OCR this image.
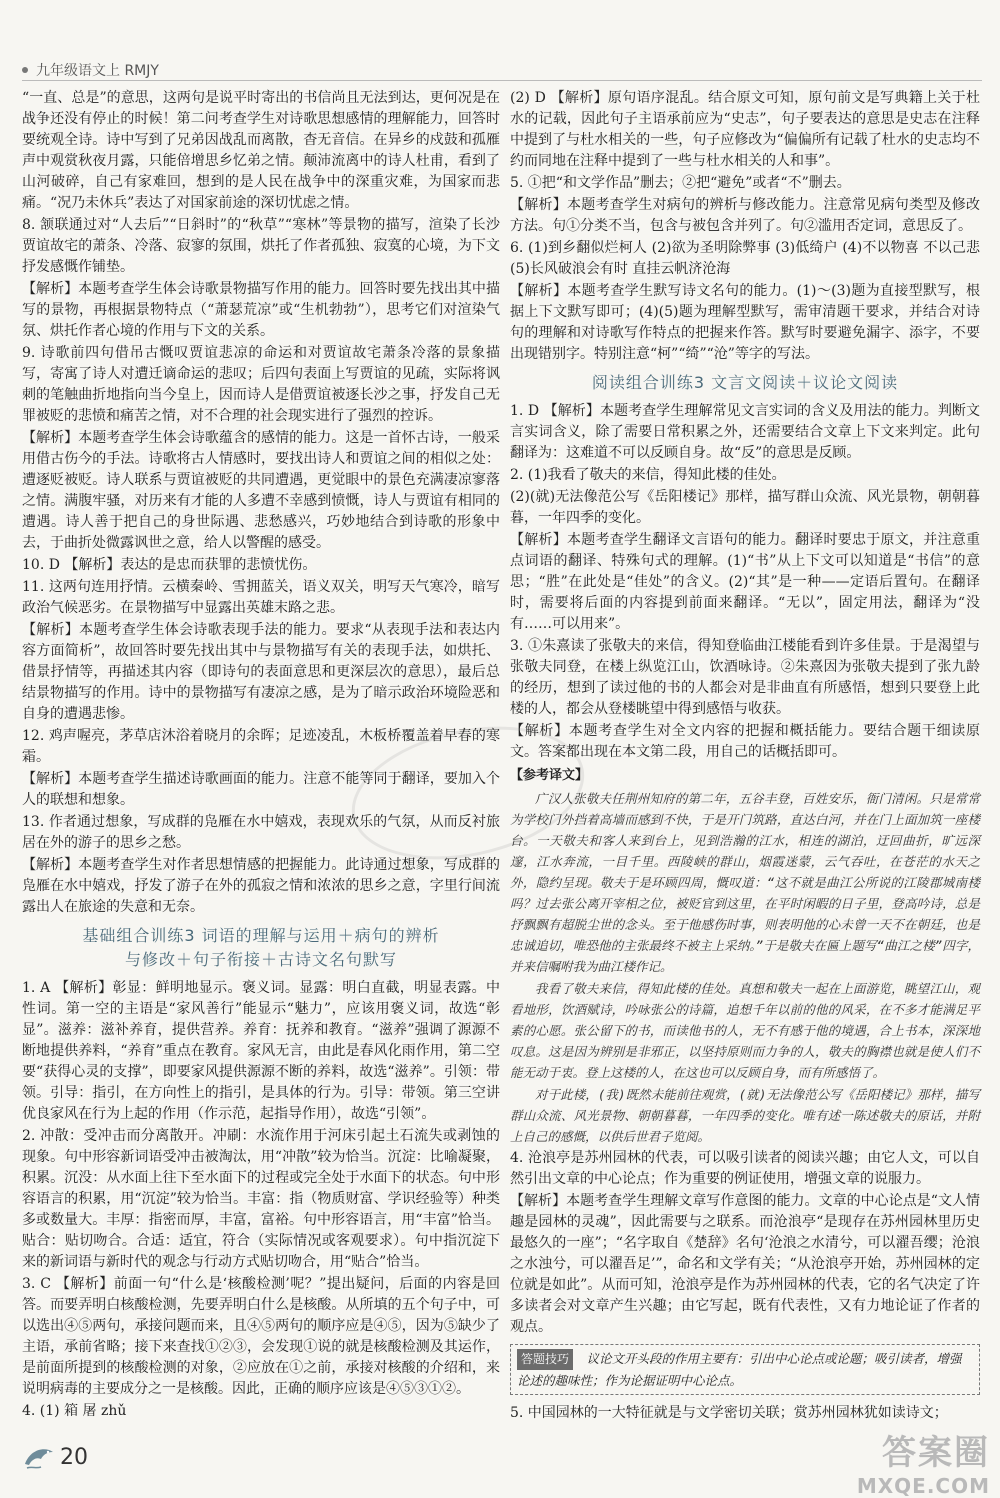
九年级语文上 RMJY

“一直、总是”的意思，这两句是说平时寄出的书信尚且无法到达，更何况是在战争还没有停止的时候！第二问考查学生对诗歌思想感情的理解能力，回答时要统观全诗。诗中写到了兄弟因战乱而离散，杳无音信。在异乡的戍鼓和孤雁声中观赏秋夜月露，只能倍增思乡忆弟之情。颠沛流离中的诗人杜甫，看到了山河破碎，自己有家难回，想到的是人民在战争中的深重灾难，为国家而悲痛。“况乃未休兵”表达了对国家前途的深切忧虑之情。

8. 颔联通过对“人去后”“日斜时”的“秋草”“寒林”等景物的描写，渲染了长沙贾谊故宅的萧条、冷落、寂寥的氛围，烘托了作者孤独、寂寞的心境，为下文抒发感慨作铺垫。

【解析】本题考查学生体会诗歌景物描写作用的能力。回答时要先找出其中描写的景物，再根据景物特点（“萧瑟荒凉”或“生机勃勃”），思考它们对渲染气氛、烘托作者心境的作用与下文的关系。

9. 诗歌前四句借吊古慨叹贾谊悲凉的命运和对贾谊故宅萧条冷落的景象描写，寄寓了诗人对遭迁谪命运的悲叹；后四句表面上写贾谊的见疏，实际将讽刺的笔触曲折地指向当今皇上，因而诗人是借贾谊被逐长沙之事，抒发自己无罪被贬的悲愤和痛苦之情，对不合理的社会现实进行了强烈的控诉。

【解析】本题考查学生体会诗歌蕴含的感情的能力。这是一首怀古诗，一般采用借古伤今的手法。诗歌将古人情感时，要找出诗人和贾谊之间的相似之处：遭逐贬被贬。诗人联系与贾谊被贬的共同遭遇，更觉眼中的景色充满凄凉寥落之情。满腹牢骚，对历来有才能的人多遭不幸感到愤慨，诗人与贾谊有相同的遭遇。诗人善于把自己的身世际遇、悲愁感兴，巧妙地结合到诗歌的形象中去，于曲折处微露讽世之意，给人以警醒的感受。

10. D 【解析】表达的是忠而获罪的悲愤忧伤。

11. 这两句连用抒情。云横秦岭、雪拥蓝关，语义双关，明写天气寒冷，暗写政治气候恶劣。在景物描写中显露出英雄末路之悲。

【解析】本题考查学生体会诗歌表现手法的能力。要求“从表现手法和表达内容方面简析”，故回答时要先找出其中与景物描写有关的表现手法，如烘托、借景抒情等，再描述其内容（即诗句的表面意思和更深层次的意思），最后总结景物描写的作用。诗中的景物描写有凄凉之感，是为了暗示政治环境险恶和自身的遭遇悲惨。

12. 鸡声喔亮，茅草店沐浴着晓月的余晖；足迹凌乱，木板桥覆盖着早春的寒霜。

【解析】本题考查学生描述诗歌画面的能力。注意不能等同于翻译，要加入个人的联想和想象。

13. 作者通过想象，写成群的凫雁在水中嬉戏，表现欢乐的气氛，从而反衬旅居在外的游子的思乡之愁。

【解析】本题考查学生对作者思想情感的把握能力。此诗通过想象，写成群的凫雁在水中嬉戏，抒发了游子在外的孤寂之情和浓浓的思乡之意，字里行间流露出人在旅途的失意和无奈。

基础组合训练3 词语的理解与运用＋病句的辨析
与修改＋句子衔接＋古诗文名句默写

1. A 【解析】彰显：鲜明地显示。褒义词。显露：明白直截，明显表露。中性词。第一空的主语是“家风善行”能显示“魅力”，应该用褒义词，故选“彰显”。滋养：滋补养育，提供营养。养育：抚养和教育。“滋养”强调了源源不断地提供养料，“养育”重点在教育。家风无言，由此是春风化雨作用，第二空要“获得心灵的支撑”，即要家风提供源源不断的养料，故选“滋养”。引领：带领。引导：指引，在方向性上的指引，是具体的行为。引导：带领。第三空讲优良家风在行为上起的作用（作示范，起指导作用），故选“引领”。

2. 冲散：受冲击而分离散开。冲刷：水流作用于河床引起土石流失或剥蚀的现象。句中形容新词语受冲击被淘汰，用“冲散”较为恰当。沉淀：比喻凝聚，积累。沉没：从水面上往下至水面下的过程或完全处于水面下的状态。句中形容语言的积累，用“沉淀”较为恰当。丰富：指（物质财富、学识经验等）种类多或数量大。丰厚：指密而厚，丰富，富裕。句中形容语言，用“丰富”恰当。贴合：贴切吻合。合适：适宜，符合（实际情况或客观要求）。句中指沉淀下来的新词语与新时代的观念与行动方式贴切吻合，用“贴合”恰当。

3. C 【解析】前面一句“什么是‘核酸检测’呢？”提出疑问，后面的内容是回答。而要弄明白核酸检测，先要弄明白什么是核酸。从所填的五个句子中，可以选出④⑤两句，承接问题而来，且④⑤两句的顺序应是④⑤，因为⑤缺少了主语，承前省略；接下来查找①②③，会发现①说的就是核酸检测及其运作，是前面所提到的核酸检测的对象，②应放在①之前，承接对核酸的介绍和，来说明病毒的主要成分之一是核酸。因此，正确的顺序应该是④⑤③①②。

4. (1) 箱 屠 zhǔ

(2) D 【解析】原句语序混乱。结合原文可知，原句前文是写典籍上关于杜水的记载，因此句子主语承前应为“史志”，句子要表达的意思是史志在注释中提到了与杜水相关的一些，句子应修改为“偏偏所有记载了杜水的史志均不约而同地在注释中提到了一些与杜水相关的人和事”。

5. ①把“和文学作品”删去；②把“避免”或者“不”删去。

【解析】本题考查学生对病句的辨析与修改能力。注意常见病句类型及修改方法。句①分类不当，包含与被包含并列了。句②滥用否定词，意思反了。

6. (1)到乡翻似烂柯人 (2)欲为圣明除弊事 (3)低绮户 (4)不以物喜 不以己悲 (5)长风破浪会有时 直挂云帆济沧海

【解析】本题考查学生默写诗文名句的能力。(1)～(3)题为直接型默写，根据上下文默写即可；(4)(5)题为理解型默写，需审清题干要求，并结合对诗句的理解和对诗歌写作特点的把握来作答。默写时要避免漏字、添字，不要出现错别字。特别注意“柯”“绮”“沧”等字的写法。

阅读组合训练3 文言文阅读＋议论文阅读

1. D 【解析】本题考查学生理解常见文言实词的含义及用法的能力。判断文言实词含义，除了需要日常积累之外，还需要结合文章上下文来判定。此句翻译为：这难道不可以反顾自身。故“反”的意思是反顾。

2. (1)我看了敬夫的来信，得知此楼的佳处。

(2)(就)无法像范公写《岳阳楼记》那样，描写群山众流、风光景物，朝朝暮暮，一年四季的变化。

【解析】本题考查学生翻译文言语句的能力。翻译时要忠于原文，并注意重点词语的翻译、特殊句式的理解。(1)“书”从上下文可以知道是“书信”的意思；“胜”在此处是“佳处”的含义。(2)“其”是一种——定语后置句。在翻译时，需要将后面的内容提到前面来翻译。“无以”，固定用法，翻译为“没有……可以用来”。

3. ①朱熹读了张敬夫的来信，得知登临曲江楼能看到许多佳景。于是渴望与张敬夫同登，在楼上纵览江山，饮酒咏诗。②朱熹因为张敬夫提到了张九龄的经历，想到了读过他的书的人都会对是非曲直有所感悟，想到只要登上此楼的人，都会从登楼眺望中得到感悟与收获。

【解析】本题考查学生对全文内容的把握和概括能力。要结合题干细读原文。答案都出现在本文第二段，用自己的话概括即可。

【参考译文】

广汉人张敬夫任荆州知府的第二年，五谷丰登，百姓安乐，衙门清闲。只是常常为学校门外挡着高墙而感到不快，于是开门筑路，直达白河，并在门上面加筑一座楼台。一天敬夫和客人来到台上，见到浩瀚的江水，相连的湖泊，迂回曲折，旷远深邃，江水奔流，一目千里。西陵峡的群山，烟霞迷蒙，云气吞吐，在苍茫的水天之外，隐约呈现。敬夫于是环顾四周，慨叹道：“这不就是曲江公所说的江陵郡城南楼吗？过去张公离开宰相之位，被贬官到这里，在平时闲暇的日子里，登高吟诗，总是抒飘飘有超脱尘世的念头。至于他感伤时事，则表明他的心未曾一天不在朝廷，也是忠诚追切，唯恐他的主张最终不被主上采纳。”于是敬夫在匾上题写“曲江之楼”四字，并来信嘱咐我为曲江楼作记。

我看了敬夫来信，得知此楼的佳处。真想和敬夫一起在上面游览，眺望江山，观看地形，饮酒赋诗，吟咏张公的诗篇，追想千年以前的他的风采，在不多才能满足平素的心愿。张公留下的书，而读他书的人，无不有感于他的境遇，合上书本，深深地叹息。这是因为辨别是非邪正，以坚持原则而力争的人，敬夫的胸襟也就是使人们不能无动于衷。登上这楼的人，在这也可以反顾自身，而有所感悟了。

对于此楼，(我)既然未能前往观赏，(就)无法像范公写《岳阳楼记》那样，描写群山众流、风光景物、朝朝暮暮，一年四季的变化。唯有述一陈述敬夫的原话，并附上自己的感慨，以供后世君子览阅。

4. 沧浪亭是苏州园林的代表，可以吸引读者的阅读兴趣；由它人文，可以自然引出文章的中心论点；作为重要的例证使用，增强文章的说服力。

【解析】本题考查学生理解文章写作意图的能力。文章的中心论点是“文人情趣是园林的灵魂”，因此需要与之联系。而沧浪亭“是现存在苏州园林里历史最悠久的一座”；“名字取自《楚辞》名句‘沧浪之水清兮，可以濯吾缨；沧浪之水浊兮，可以濯吾足’”，命名和文学有关；“从沧浪亭开始，苏州园林的定位就是如此”。从而可知，沧浪亭是作为苏州园林的代表，它的名气决定了许多读者会对文章产生兴趣；由它写起，既有代表性，又有力地论证了作者的观点。

答题技巧 议论文开头段的作用主要有：引出中心论点或论题；吸引读者，增强论述的趣味性；作为论据证明中心论点。

5. 中国园林的一大特征就是与文学密切关联；赏苏州园林犹如读诗文；

20	答案圈
MXQE.COM
